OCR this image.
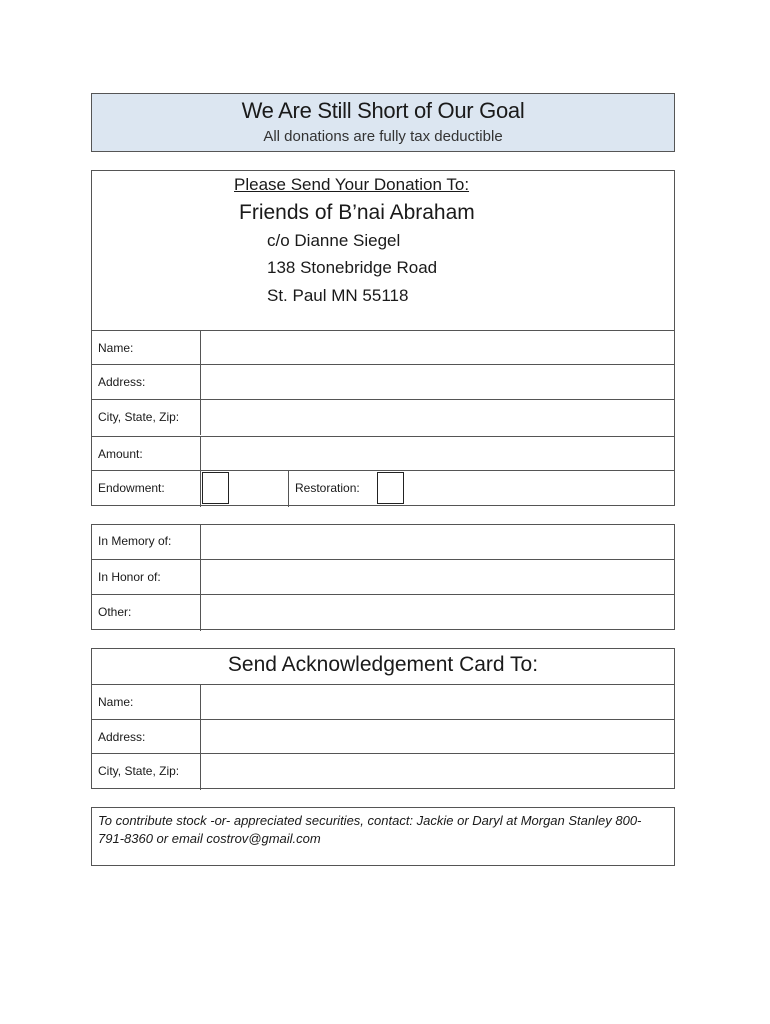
We Are Still Short of Our Goal
All donations are fully tax deductible
Please Send Your Donation To:
Friends of B’nai Abraham
c/o Dianne Siegel
138 Stonebridge Road
St. Paul MN 55118
Name:
Address:
City, State, Zip:
Amount:
Endowment:	Restoration:
In Memory of:
In Honor of:
Other:
Send Acknowledgement Card To:
Name:
Address:
City, State, Zip:
To contribute stock -or- appreciated securities, contact: Jackie or Daryl at Morgan Stanley 800- 791-8360 or email costrov@gmail.com
